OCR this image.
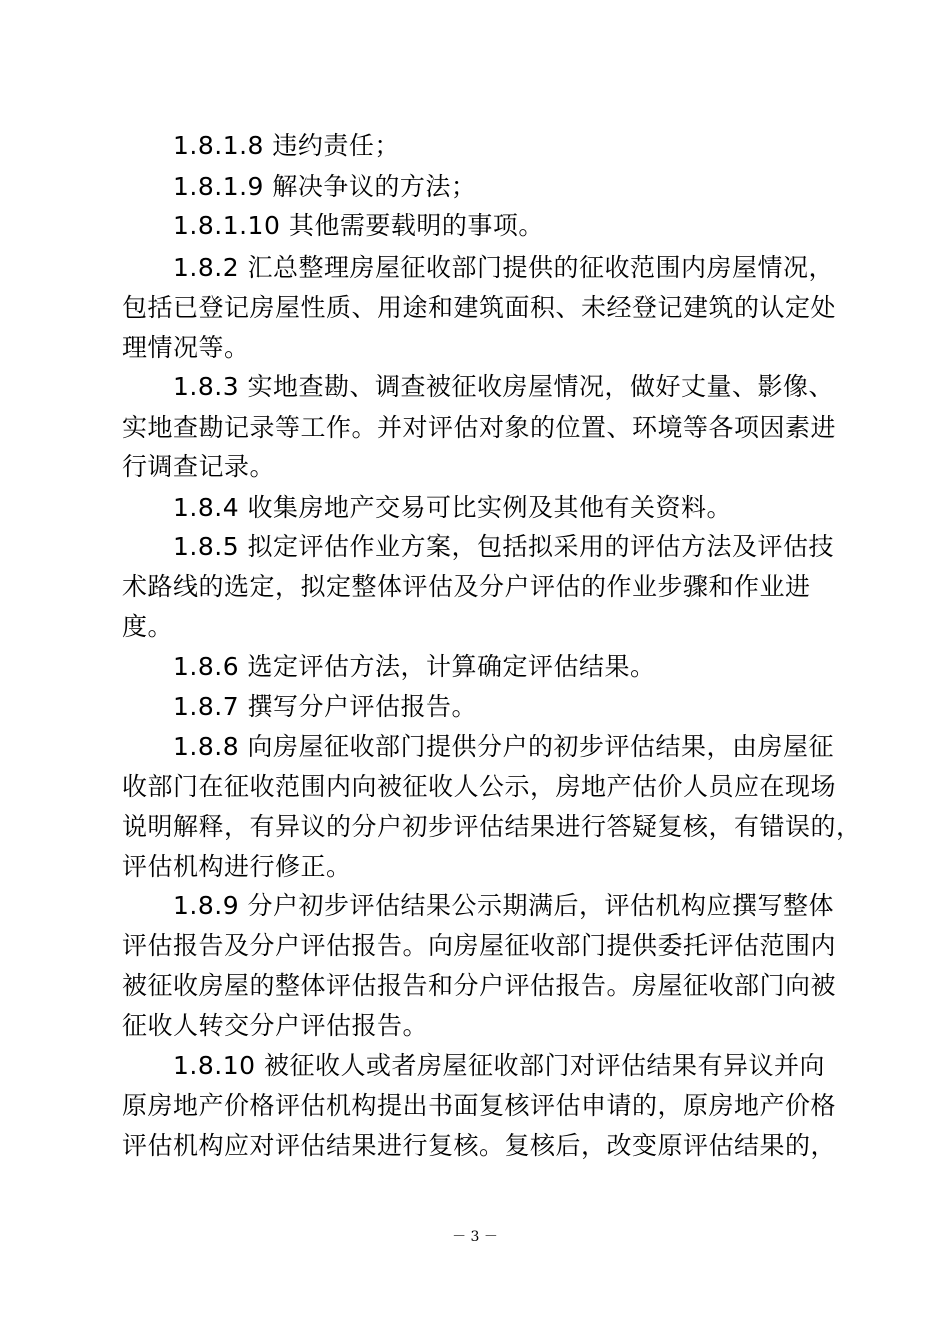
1.8.1.8 违约责任；
1.8.1.9 解决争议的方法；
1.8.1.10 其他需要载明的事项。
1.8.2 汇总整理房屋征收部门提供的征收范围内房屋情况，
包括已登记房屋性质、用途和建筑面积、未经登记建筑的认定处
理情况等。
1.8.3 实地查勘、调查被征收房屋情况，做好丈量、影像、
实地查勘记录等工作。并对评估对象的位置、环境等各项因素进
行调查记录。
1.8.4 收集房地产交易可比实例及其他有关资料。
1.8.5 拟定评估作业方案，包括拟采用的评估方法及评估技
术路线的选定，拟定整体评估及分户评估的作业步骤和作业进
度。
1.8.6 选定评估方法，计算确定评估结果。
1.8.7 撰写分户评估报告。
1.8.8 向房屋征收部门提供分户的初步评估结果，由房屋征
收部门在征收范围内向被征收人公示，房地产估价人员应在现场
说明解释，有异议的分户初步评估结果进行答疑复核，有错误的，
评估机构进行修正。
1.8.9 分户初步评估结果公示期满后，评估机构应撰写整体
评估报告及分户评估报告。向房屋征收部门提供委托评估范围内
被征收房屋的整体评估报告和分户评估报告。房屋征收部门向被
征收人转交分户评估报告。
1.8.10 被征收人或者房屋征收部门对评估结果有异议并向
原房地产价格评估机构提出书面复核评估申请的，原房地产价格
评估机构应对评估结果进行复核。复核后，改变原评估结果的，
－ 3 －
